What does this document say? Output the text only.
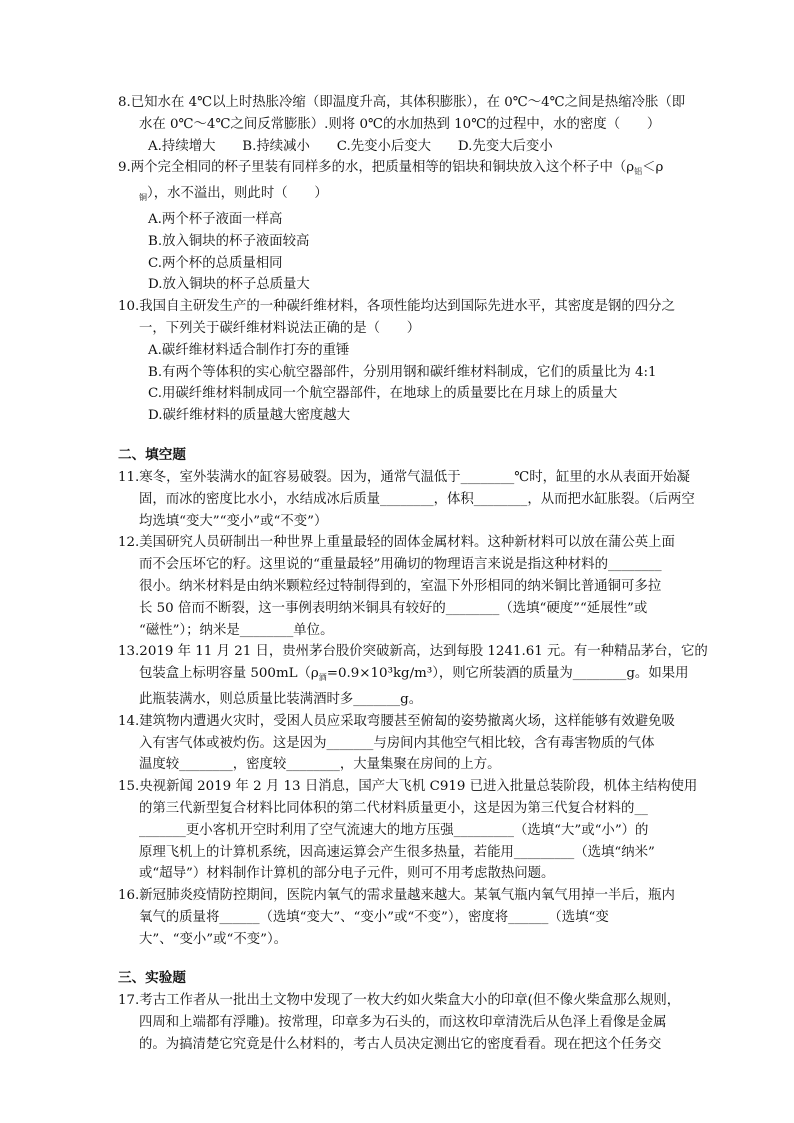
8.已知水在 4℃以上时热胀冷缩（即温度升高，其体积膨胀），在 0℃～4℃之间是热缩冷胀（即
水在 0℃～4℃之间反常膨胀）.则将 0℃的水加热到 10℃的过程中，水的密度（　　）
A.持续增大　　B.持续减小　　C.先变小后变大　　D.先变大后变小
9.两个完全相同的杯子里装有同样多的水，把质量相等的铝块和铜块放入这个杯子中（$\rho_铝<\rho$
$_铜$），水不溢出，则此时（　　）
A.两个杯子液面一样高
B.放入铜块的杯子液面较高
C.两个杯的总质量相同
D.放入铜块的杯子总质量大
10.我国自主研发生产的一种碳纤维材料，各项性能均达到国际先进水平，其密度是钢的四分之
一，下列关于碳纤维材料说法正确的是（　　）
A.碳纤维材料适合制作打夯的重锤
B.有两个等体积的实心航空器部件，分别用钢和碳纤维材料制成，它们的质量比为 4:1
C.用碳纤维材料制成同一个航空器部件，在地球上的质量要比在月球上的质量大
D.碳纤维材料的质量越大密度越大
二、填空题
11.寒冬，室外装满水的缸容易破裂。因为，通常气温低于________℃时，缸里的水从表面开始凝
固，而冰的密度比水小，水结成冰后质量________，体积________，从而把水缸胀裂。（后两空
均选填“变大”“变小”或“不变”）
12.美国研究人员研制出一种世界上重量最轻的固体金属材料。这种新材料可以放在蒲公英上面
而不会压坏它的籽。这里说的“重量最轻”用确切的物理语言来说是指这种材料的________
很小。纳米材料是由纳米颗粒经过特制得到的，室温下外形相同的纳米铜比普通铜可多拉
长 50 倍而不断裂，这一事例表明纳米铜具有较好的________（选填“硬度”“延展性”或
“磁性”）；纳米是________单位。
13.2019 年 11 月 21 日，贵州茅台股价突破新高，达到每股 1241.61 元。有一种精品茅台，它的
包装盒上标明容量 $500mL(\rho_酒=0.9\times 10^3kg/m^3)$，则它所装酒的质量为________g。如果用
此瓶装满水，则总质量比装满酒时多_______g。
14.建筑物内遭遇火灾时，受困人员应采取弯腰甚至俯匐的姿势撤离火场，这样能够有效避免吸
入有害气体或被灼伤。这是因为_______与房间内其他空气相比较，含有毒害物质的气体
温度较________，密度较________，大量集聚在房间的上方。
15.央视新闻 2019 年 2 月 13 日消息，国产大飞机 C919 已进入批量总装阶段，机体主结构使用
的第三代新型复合材料比同体积的第二代材料质量更小，这是因为第三代复合材料的__
_______更小客机开空时利用了空气流速大的地方压强_________（选填“大”或“小”）的
原理飞机上的计算机系统，因高速运算会产生很多热量，若能用_________（选填“纳米”
或“超导”）材料制作计算机的部分电子元件，则可不用考虑散热问题。
16.新冠肺炎疫情防控期间，医院内氧气的需求量越来越大。某氧气瓶内氧气用掉一半后，瓶内
氧气的质量将______（选填“变大”、“变小”或“不变”），密度将______（选填“变
大”、“变小”或“不变”）。
三、实验题
17.考古工作者从一批出土文物中发现了一枚大约如火柴盒大小的印章(但不像火柴盒那么规则，
四周和上端都有浮雕)。按常理，印章多为石头的，而这枚印章清洗后从色泽上看像是金属
的。为搞清楚它究竟是什么材料的，考古人员决定测出它的密度看看。现在把这个任务交
